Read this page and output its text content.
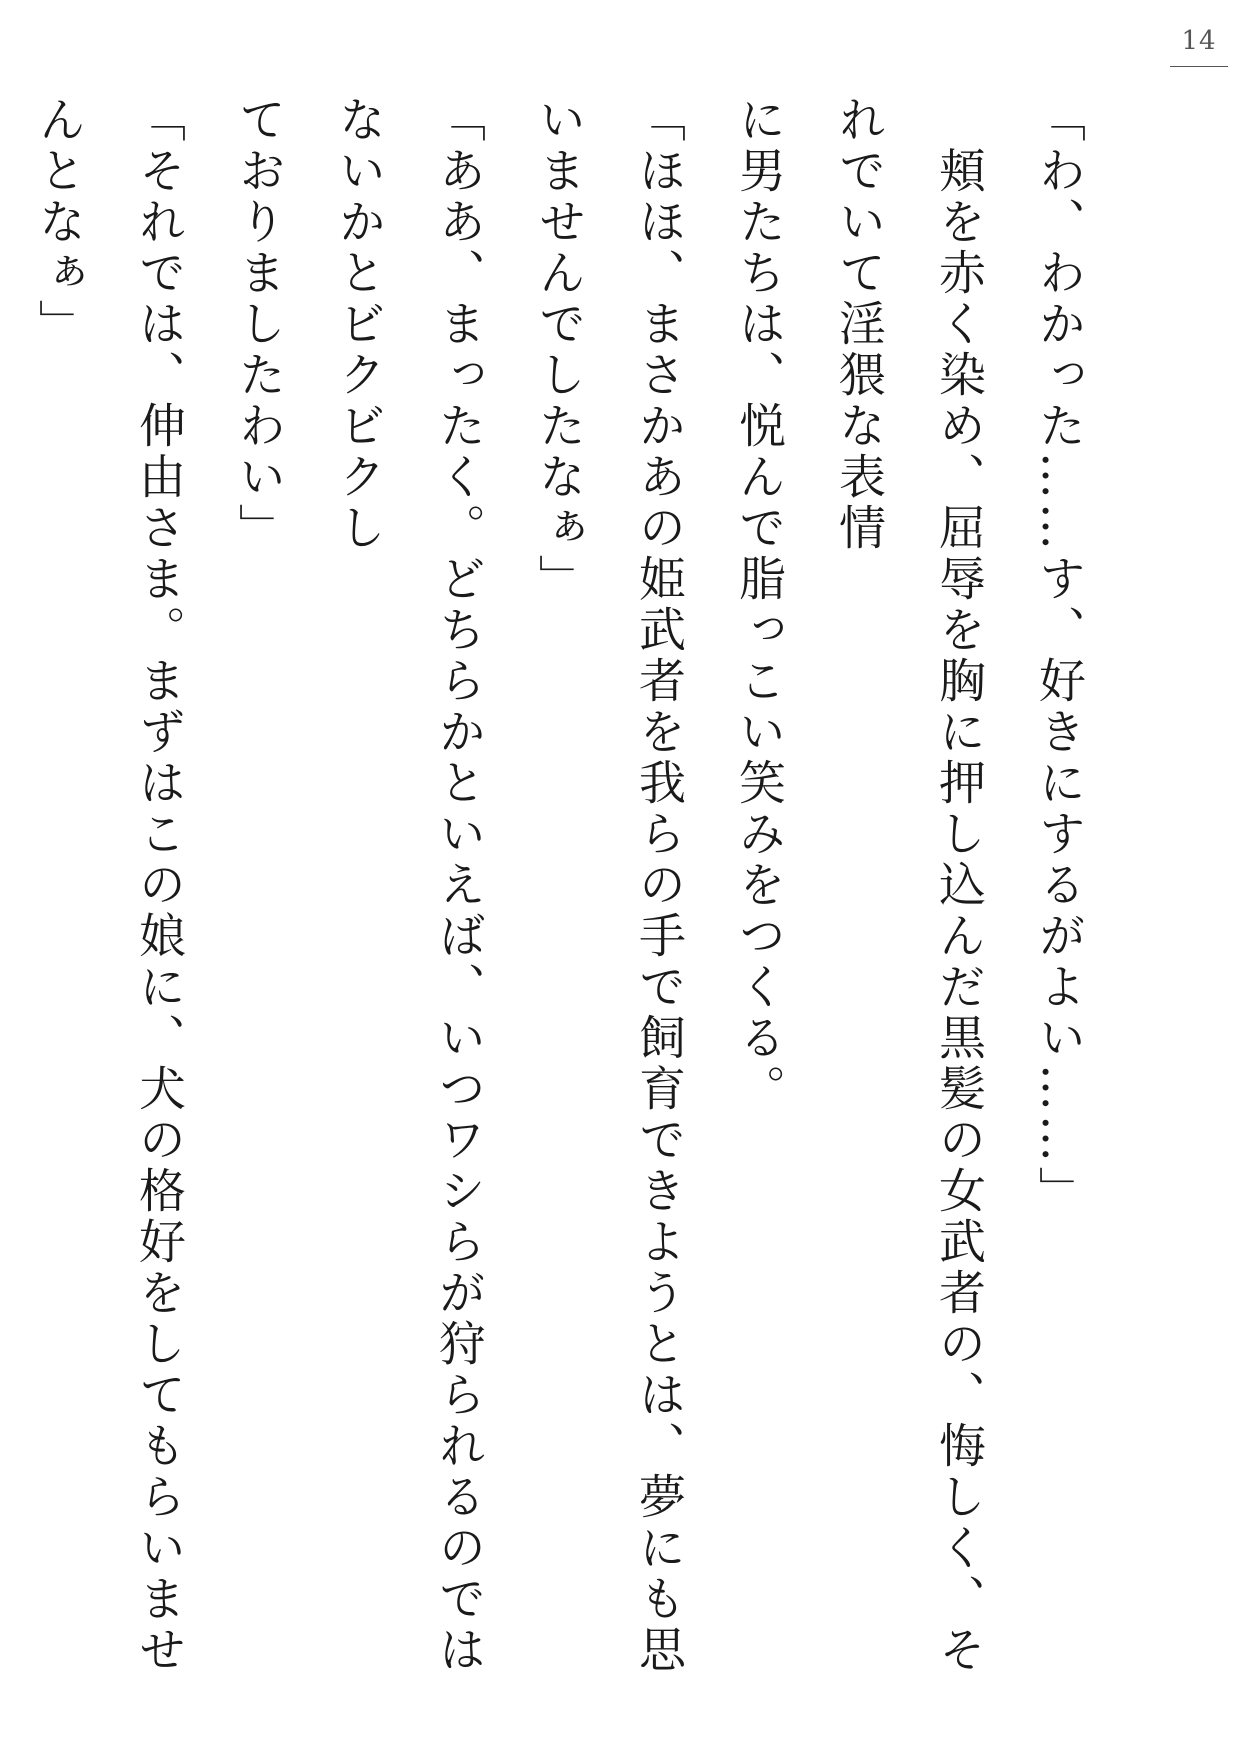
14

「わ、わかった……す、好きにするがよい……」

　頬を赤く染め、屈辱を胸に押し込んだ黒髪の女武者の、悔しく、それでいて淫猥な表情

に男たちは、悦んで脂っこい笑みをつくる。

「ほほ、まさかあの姫武者を我らの手で飼育できようとは、夢にも思いませんでしたなぁ」

「ああ、まったく。どちらかといえば、いつワシらが狩られるのではないかとビクビクし

ておりましたわい」

「それでは、伸由さま。まずはこの娘に、犬の格好をしてもらいませんとなぁ」
